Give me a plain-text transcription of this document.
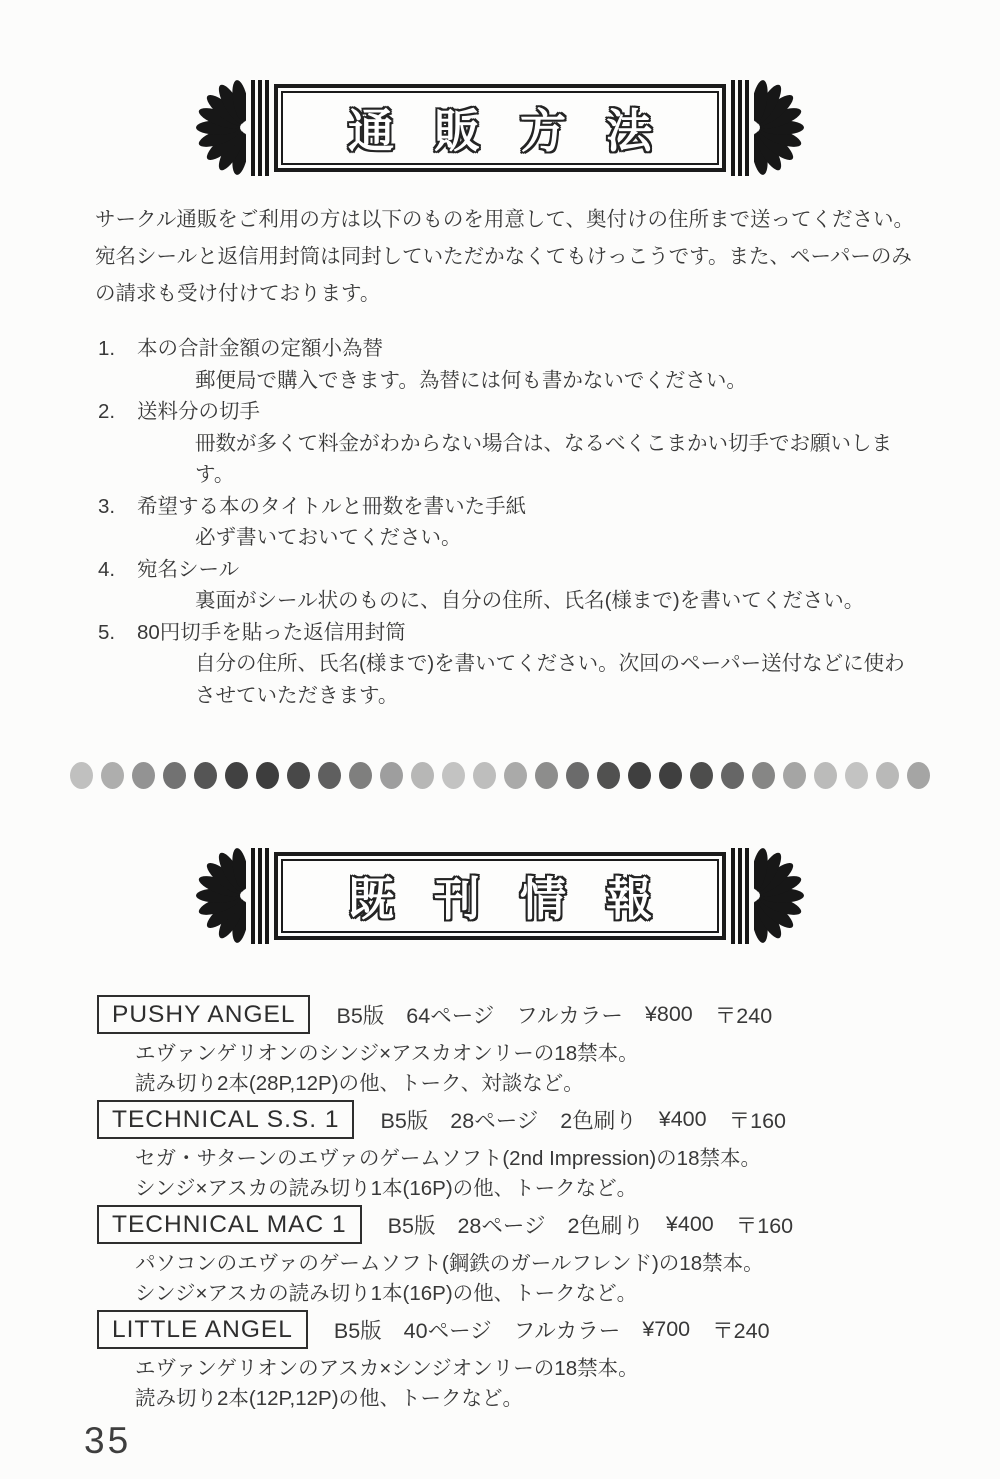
通販方法
サークル通販をご利用の方は以下のものを用意して、奥付けの住所まで送ってください。
宛名シールと返信用封筒は同封していただかなくてもけっこうです。また、ペーパーのみ
の請求も受け付けております。
1. 本の合計金額の定額小為替
郵便局で購入できます。為替には何も書かないでください。
2. 送料分の切手
冊数が多くて料金がわからない場合は、なるべくこまかい切手でお願いしま
す。
3. 希望する本のタイトルと冊数を書いた手紙
必ず書いておいてください。
4. 宛名シール
裏面がシール状のものに、自分の住所、氏名(様まで)を書いてください。
5. 80円切手を貼った返信用封筒
自分の住所、氏名(様まで)を書いてください。次回のペーパー送付などに使わ
させていただきます。
既刊情報
PUSHY ANGEL	B5版 64ページ フルカラー ¥800 〒240
エヴァンゲリオンのシンジ×アスカオンリーの18禁本。
読み切り2本(28P,12P)の他、トーク、対談など。
TECHNICAL S.S. 1	B5版 28ページ 2色刷り ¥400 〒160
セガ・サターンのエヴァのゲームソフト(2nd Impression)の18禁本。
シンジ×アスカの読み切り1本(16P)の他、トークなど。
TECHNICAL MAC 1	B5版 28ページ 2色刷り ¥400 〒160
パソコンのエヴァのゲームソフト(鋼鉄のガールフレンド)の18禁本。
シンジ×アスカの読み切り1本(16P)の他、トークなど。
LITTLE ANGEL	B5版 40ページ フルカラー ¥700 〒240
エヴァンゲリオンのアスカ×シンジオンリーの18禁本。
読み切り2本(12P,12P)の他、トークなど。
35
